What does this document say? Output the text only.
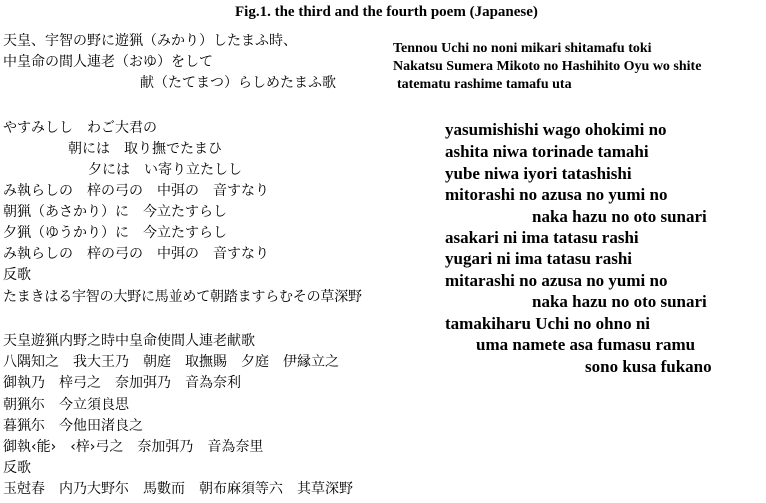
Fig.1. the third and the fourth poem (Japanese)
天皇、宇智の野に遊猟（みかり）したまふ時、
中皇命の間人連老（おゆ）をして
献（たてまつ）らしめたまふ歌
Tennou Uchi no noni mikari shitamafu toki
Nakatsu Sumera Mikoto no Hashihito Oyu wo shite
tatematu rashime tamafu uta
やすみしし　わご大君の
朝には　取り撫でたまひ
夕には　い寄り立たしし
み執らしの　梓の弓の　中弭の　音すなり
朝猟（あさかり）に　今立たすらし
夕猟（ゆうかり）に　今立たすらし
み執らしの　梓の弓の　中弭の　音すなり
反歌
たまきはる宇智の大野に馬並めて朝踏ますらむその草深野
yasumishishi wago ohokimi no
ashita niwa torinade tamahi
yube niwa iyori tatashishi
mitorashi no azusa no yumi no
naka hazu no oto sunari
asakari ni ima tatasu rashi
yugari ni ima tatasu rashi
mitarashi no azusa no yumi no
naka hazu no oto sunari
tamakiharu Uchi no ohno ni
uma namete asa fumasu ramu
sono kusa fukano
天皇遊猟内野之時中皇命使間人連老献歌
八隅知之　我大王乃　朝庭　取撫賜　夕庭　伊縁立之
御執乃　梓弓之　奈加弭乃　音為奈利
朝猟尓　今立須良思
暮猟尓　今他田渚良之
御執‹能›　‹梓›弓之　奈加弭乃　音為奈里
反歌
玉尅春　内乃大野尓　馬數而　朝布麻須等六　其草深野
